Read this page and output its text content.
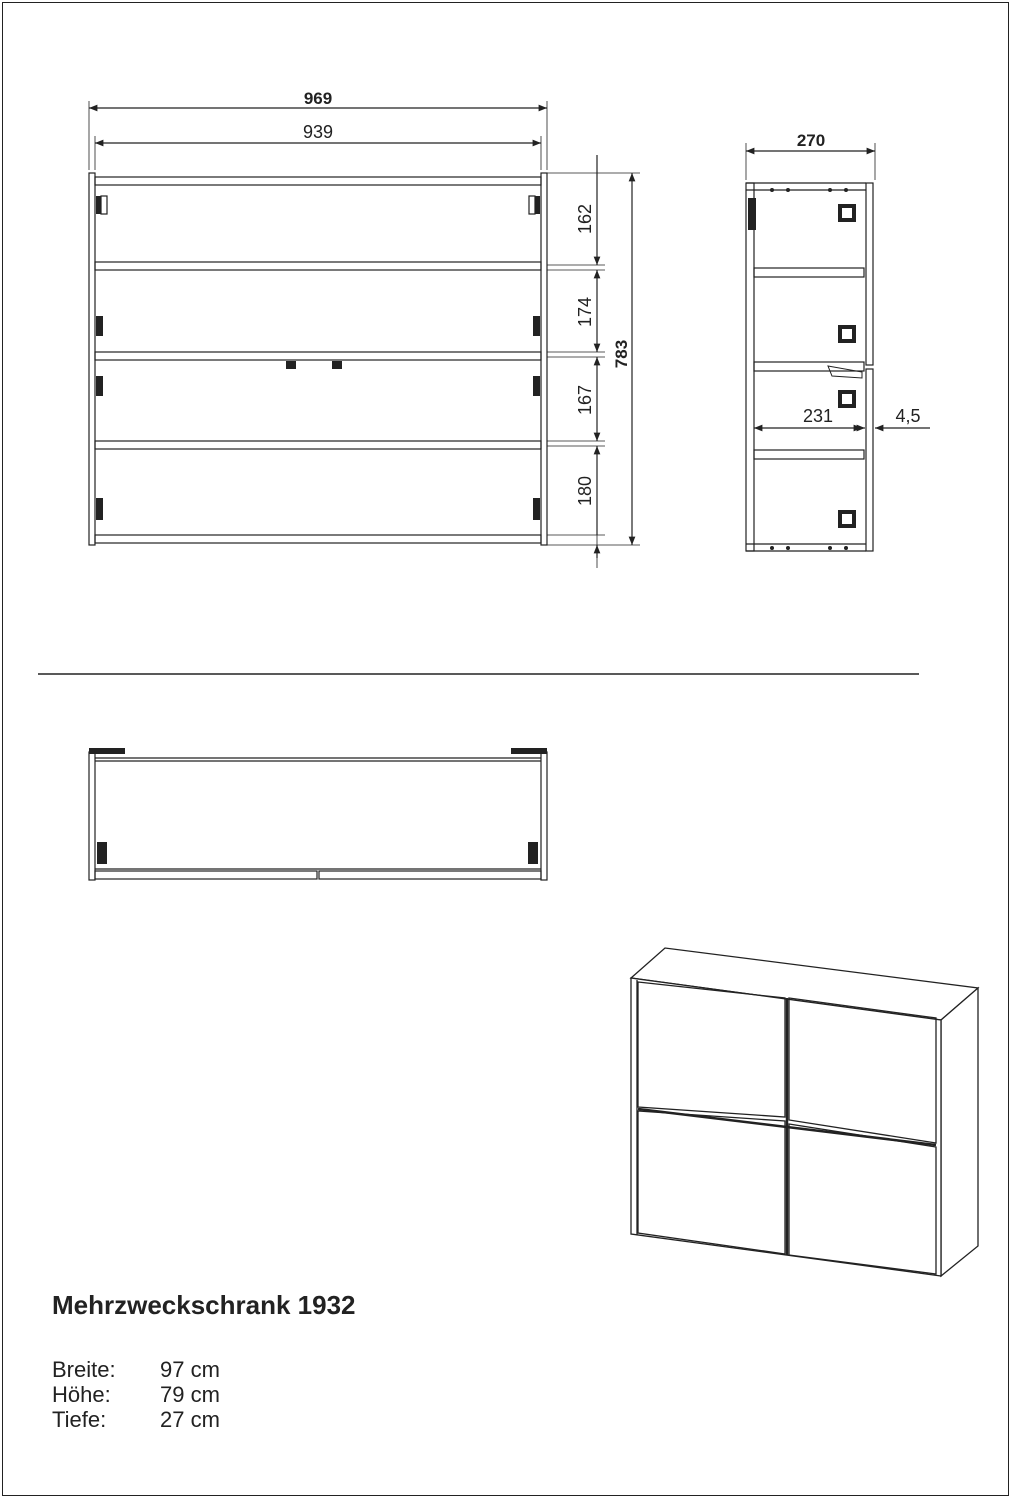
969
939
162
174
167
180
783
270
231	4,5
Mehrzweckschrank 1932
Breite:	97 cm
Höhe:	79 cm
Tiefe:	27 cm
